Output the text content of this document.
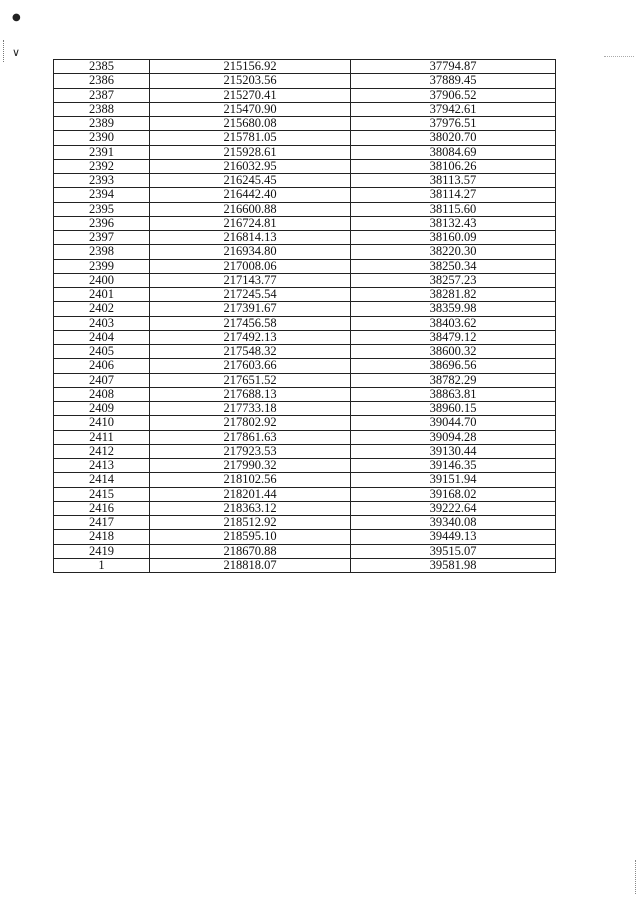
●
∨
2385	215156.92	37794.87
2386	215203.56	37889.45
2387	215270.41	37906.52
2388	215470.90	37942.61
2389	215680.08	37976.51
2390	215781.05	38020.70
2391	215928.61	38084.69
2392	216032.95	38106.26
2393	216245.45	38113.57
2394	216442.40	38114.27
2395	216600.88	38115.60
2396	216724.81	38132.43
2397	216814.13	38160.09
2398	216934.80	38220.30
2399	217008.06	38250.34
2400	217143.77	38257.23
2401	217245.54	38281.82
2402	217391.67	38359.98
2403	217456.58	38403.62
2404	217492.13	38479.12
2405	217548.32	38600.32
2406	217603.66	38696.56
2407	217651.52	38782.29
2408	217688.13	38863.81
2409	217733.18	38960.15
2410	217802.92	39044.70
2411	217861.63	39094.28
2412	217923.53	39130.44
2413	217990.32	39146.35
2414	218102.56	39151.94
2415	218201.44	39168.02
2416	218363.12	39222.64
2417	218512.92	39340.08
2418	218595.10	39449.13
2419	218670.88	39515.07
1	218818.07	39581.98
